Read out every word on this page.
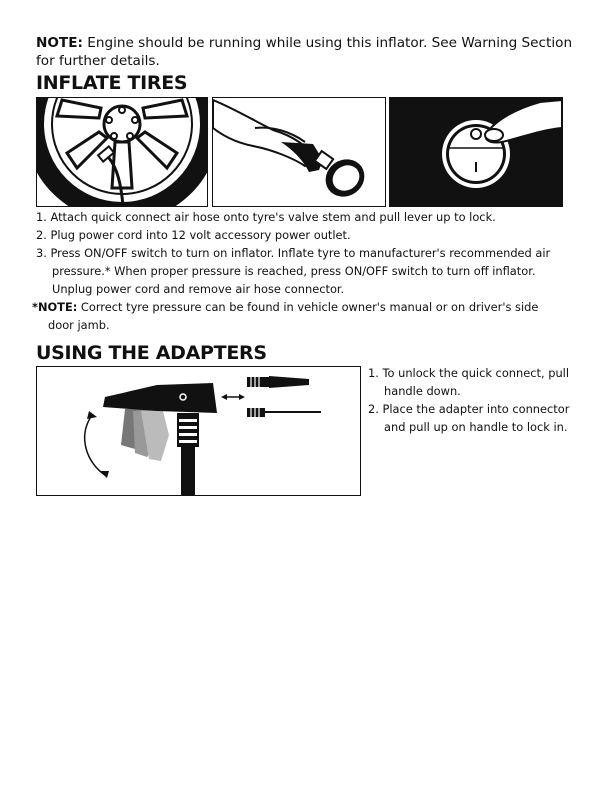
NOTE: Engine should be running while using this inflator. See Warning Section for further details.
INFLATE TIRES
1. Attach quick connect air hose onto tyre's valve stem and pull lever up to lock.
2. Plug power cord into 12 volt accessory power outlet.
3. Press ON/OFF switch to turn on inflator. Inflate tyre to manufacturer's recommended air
pressure.* When proper pressure is reached, press ON/OFF switch to turn off inflator.
Unplug power cord and remove air hose connector.
*NOTE: Correct tyre pressure can be found in vehicle owner's manual or on driver's side
door jamb.
USING THE ADAPTERS
1. To unlock the quick connect, pull
handle down.
2. Place the adapter into connector
and pull up on handle to lock in.
